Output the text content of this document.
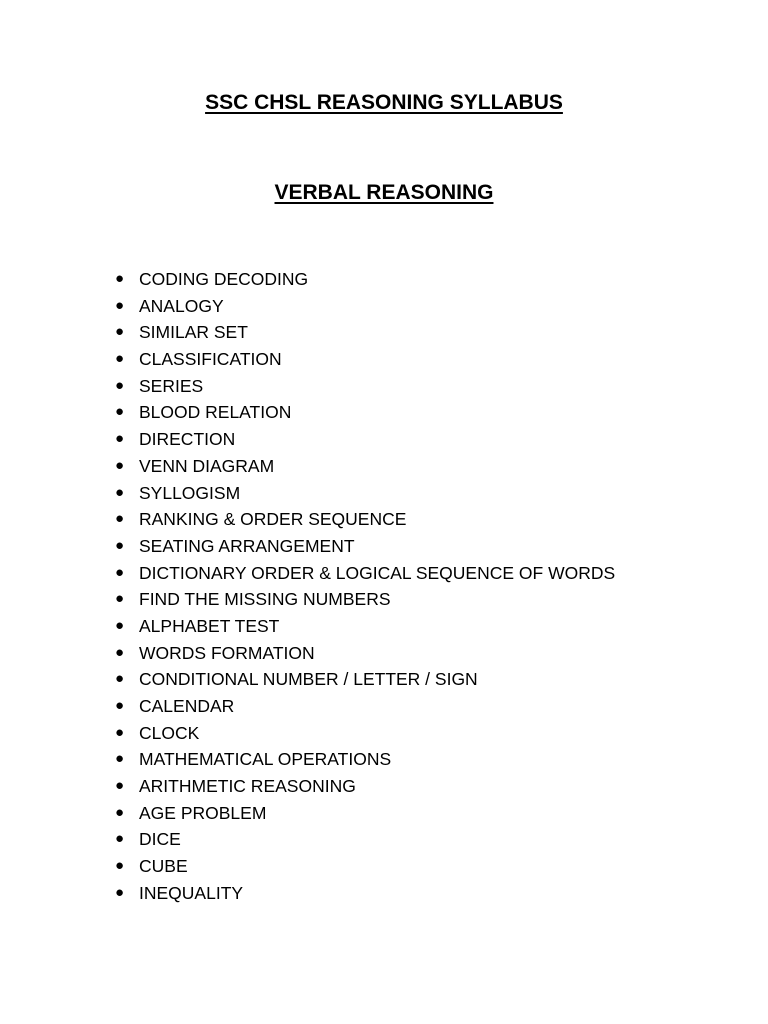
SSC CHSL REASONING SYLLABUS
VERBAL REASONING
● CODING DECODING
● ANALOGY
● SIMILAR SET
● CLASSIFICATION
● SERIES
● BLOOD RELATION
● DIRECTION
● VENN DIAGRAM
● SYLLOGISM
● RANKING & ORDER SEQUENCE
● SEATING ARRANGEMENT
● DICTIONARY ORDER & LOGICAL SEQUENCE OF WORDS
● FIND THE MISSING NUMBERS
● ALPHABET TEST
● WORDS FORMATION
● CONDITIONAL NUMBER / LETTER / SIGN
● CALENDAR
● CLOCK
● MATHEMATICAL OPERATIONS
● ARITHMETIC REASONING
● AGE PROBLEM
● DICE
● CUBE
● INEQUALITY
